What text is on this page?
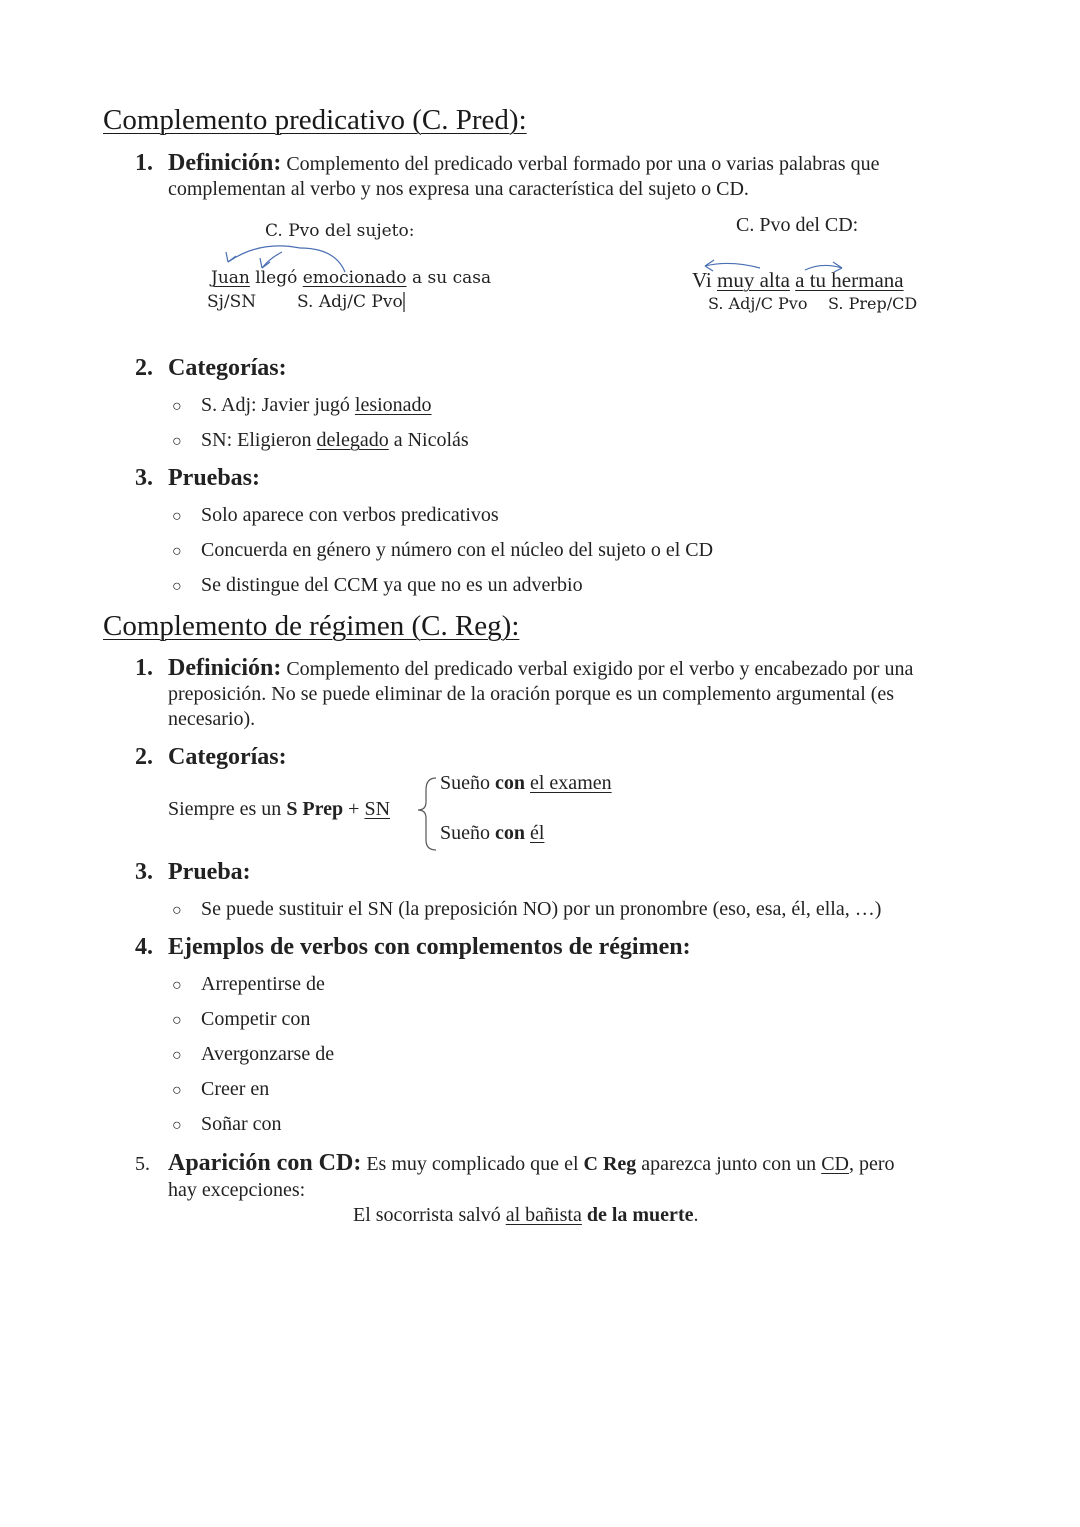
Complemento predicativo (C. Pred):
1. Definición: Complemento del predicado verbal formado por una o varias palabras que
complementan al verbo y nos expresa una característica del sujeto o CD.
C. Pvo del sujeto:
Juan llegó emocionado a su casa
Sj/SN S. Adj/C Pvo
C. Pvo del CD:
Vi muy alta a tu hermana
S. Adj/C Pvo S. Prep/CD
2. Categorías:
○ S. Adj: Javier jugó lesionado
○ SN: Eligieron delegado a Nicolás
3. Pruebas:
○ Solo aparece con verbos predicativos
○ Concuerda en género y número con el núcleo del sujeto o el CD
○ Se distingue del CCM ya que no es un adverbio
Complemento de régimen (C. Reg):
1. Definición: Complemento del predicado verbal exigido por el verbo y encabezado por una
preposición. No se puede eliminar de la oración porque es un complemento argumental (es
necesario).
2. Categorías:
Siempre es un S Prep + SN
Sueño con el examen
Sueño con él
3. Prueba:
○ Se puede sustituir el SN (la preposición NO) por un pronombre (eso, esa, él, ella, …)
4. Ejemplos de verbos con complementos de régimen:
○ Arrepentirse de
○ Competir con
○ Avergonzarse de
○ Creer en
○ Soñar con
5. Aparición con CD: Es muy complicado que el C Reg aparezca junto con un CD, pero
hay excepciones:
El socorrista salvó al bañista de la muerte.
